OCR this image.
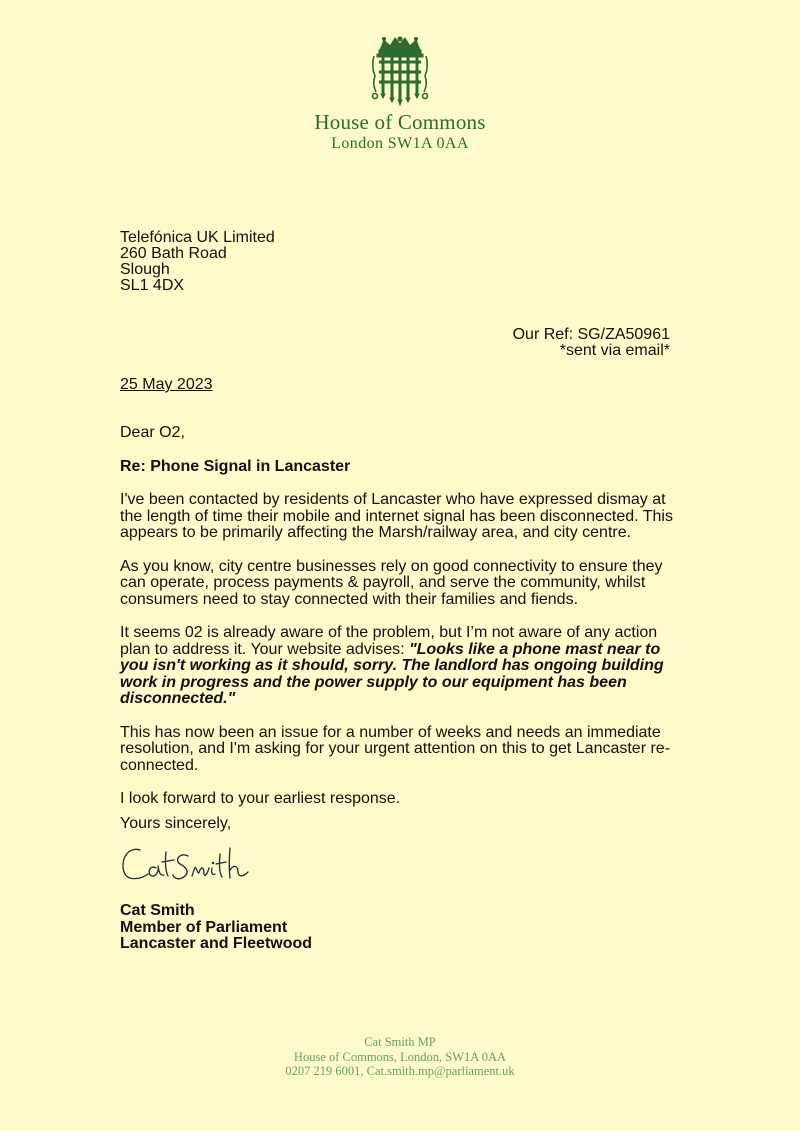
House of Commons
London SW1A 0AA
Telefónica UK Limited
260 Bath Road
Slough
SL1 4DX
Our Ref: SG/ZA50961
*sent via email*
25 May 2023

Dear O2,

Re: Phone Signal in Lancaster

I've been contacted by residents of Lancaster who have expressed dismay at the length of time their mobile and internet signal has been disconnected. This appears to be primarily affecting the Marsh/railway area, and city centre.

As you know, city centre businesses rely on good connectivity to ensure they can operate, process payments & payroll, and serve the community, whilst consumers need to stay connected with their families and fiends.

It seems 02 is already aware of the problem, but I’m not aware of any action plan to address it. Your website advises: "Looks like a phone mast near to you isn't working as it should, sorry. The landlord has ongoing building work in progress and the power supply to our equipment has been disconnected."

This has now been an issue for a number of weeks and needs an immediate resolution, and I'm asking for your urgent attention on this to get Lancaster re-connected.

I look forward to your earliest response.

Yours sincerely,
Cat Smith
Member of Parliament
Lancaster and Fleetwood
Cat Smith MP
House of Commons, London, SW1A 0AA
0207 219 6001, Cat.smith.mp@parliament.uk
